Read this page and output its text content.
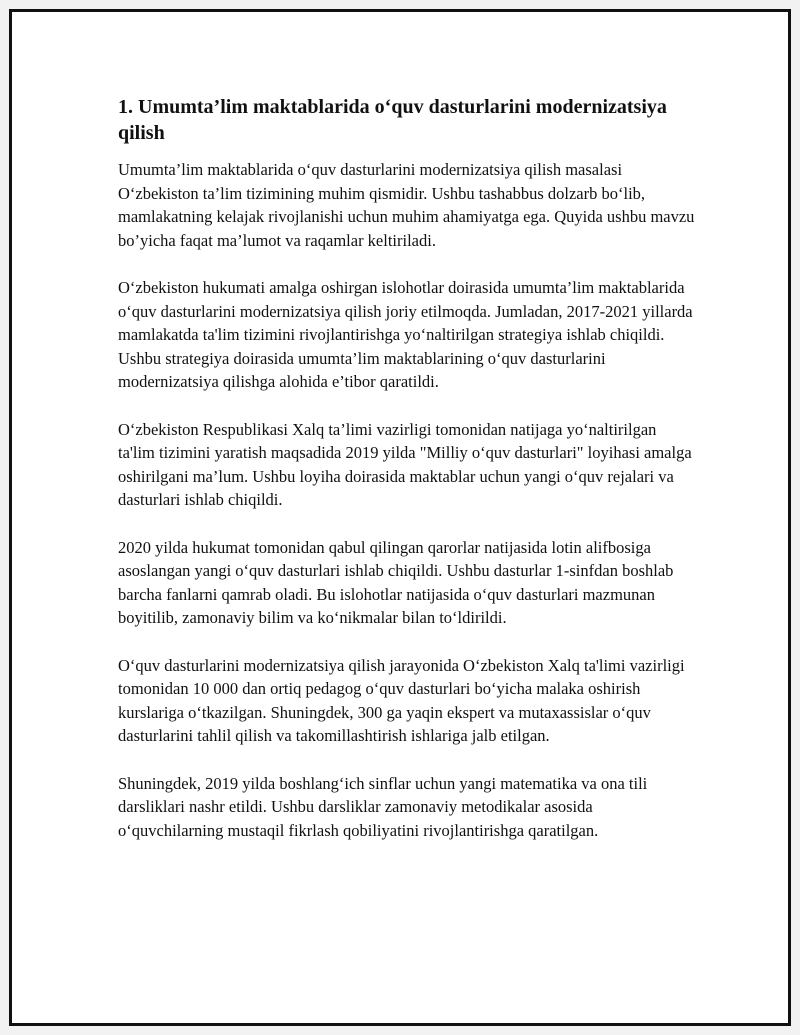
1. Umumta’lim maktablarida o‘quv dasturlarini modernizatsiya qilish

Umumta’lim maktablarida o‘quv dasturlarini modernizatsiya qilish masalasi O‘zbekiston ta’lim tizimining muhim qismidir. Ushbu tashabbus dolzarb bo‘lib, mamlakatning kelajak rivojlanishi uchun muhim ahamiyatga ega. Quyida ushbu mavzu bo’yicha faqat ma’lumot va raqamlar keltiriladi.

O‘zbekiston hukumati amalga oshirgan islohotlar doirasida umumta’lim maktablarida o‘quv dasturlarini modernizatsiya qilish joriy etilmoqda. Jumladan, 2017-2021 yillarda mamlakatda ta'lim tizimini rivojlantirishga yo‘naltirilgan strategiya ishlab chiqildi. Ushbu strategiya doirasida umumta’lim maktablarining o‘quv dasturlarini modernizatsiya qilishga alohida e’tibor qaratildi.

O‘zbekiston Respublikasi Xalq ta’limi vazirligi tomonidan natijaga yo‘naltirilgan ta'lim tizimini yaratish maqsadida 2019 yilda "Milliy o‘quv dasturlari" loyihasi amalga oshirilgani ma’lum. Ushbu loyiha doirasida maktablar uchun yangi o‘quv rejalari va dasturlari ishlab chiqildi.

2020 yilda hukumat tomonidan qabul qilingan qarorlar natijasida lotin alifbosiga asoslangan yangi o‘quv dasturlari ishlab chiqildi. Ushbu dasturlar 1-sinfdan boshlab barcha fanlarni qamrab oladi. Bu islohotlar natijasida o‘quv dasturlari mazmunan boyitilib, zamonaviy bilim va ko‘nikmalar bilan to‘ldirildi.

O‘quv dasturlarini modernizatsiya qilish jarayonida O‘zbekiston Xalq ta'limi vazirligi tomonidan 10 000 dan ortiq pedagog o‘quv dasturlari bo‘yicha malaka oshirish kurslariga o‘tkazilgan. Shuningdek, 300 ga yaqin ekspert va mutaxassislar o‘quv dasturlarini tahlil qilish va takomillashtirish ishlariga jalb etilgan.

Shuningdek, 2019 yilda boshlang‘ich sinflar uchun yangi matematika va ona tili darsliklari nashr etildi. Ushbu darsliklar zamonaviy metodikalar asosida o‘quvchilarning mustaqil fikrlash qobiliyatini rivojlantirishga qaratilgan.
